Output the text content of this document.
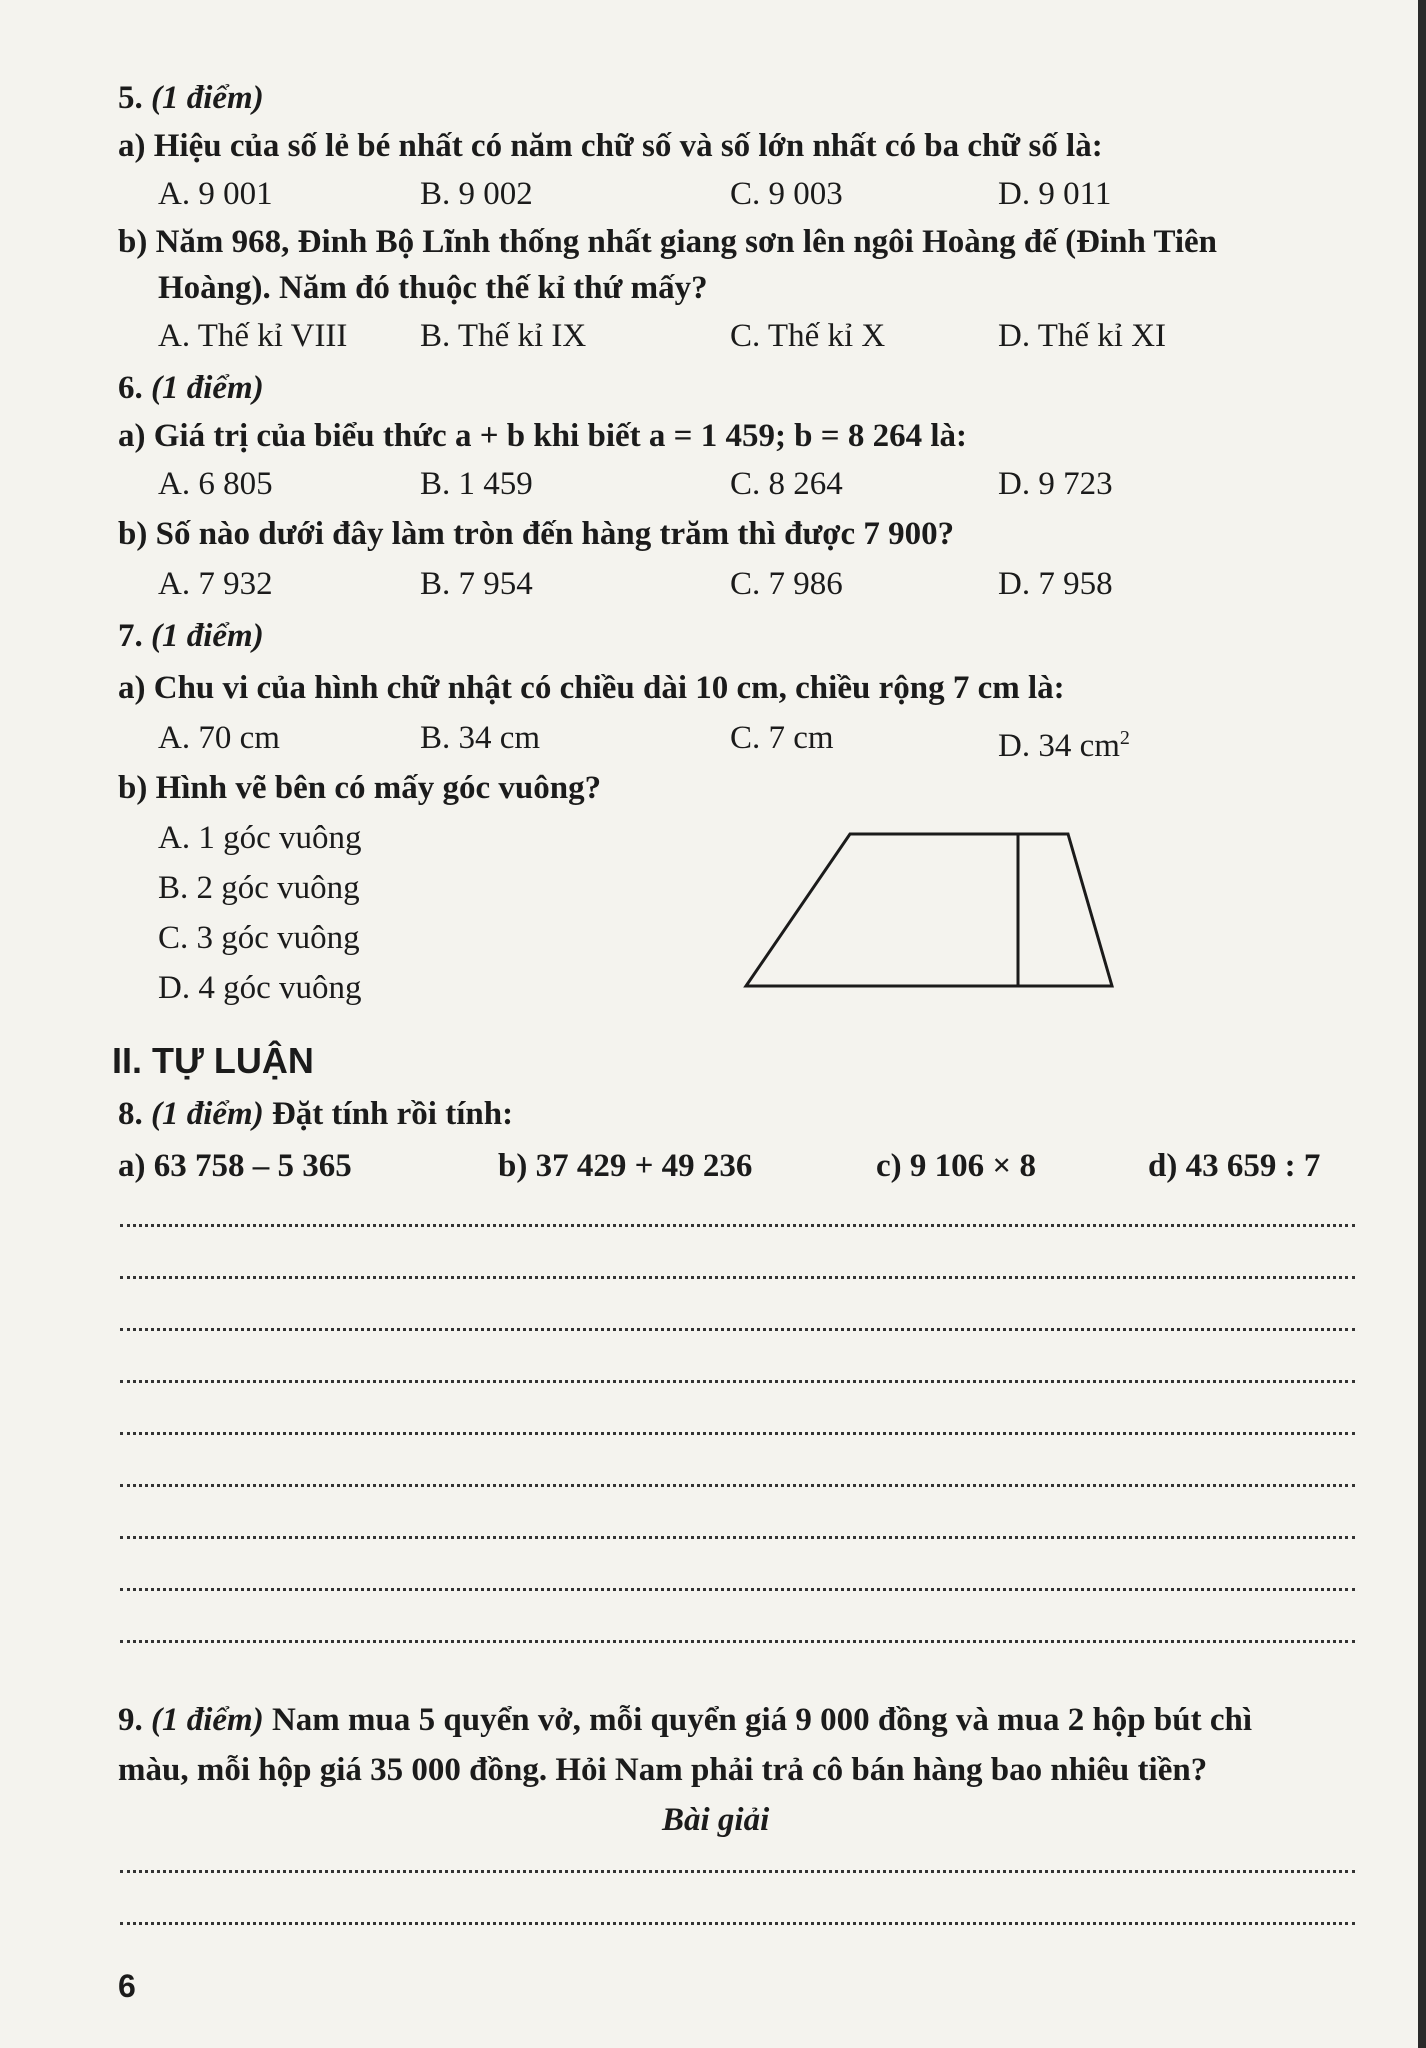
5. (1 điểm)
a) Hiệu của số lẻ bé nhất có năm chữ số và số lớn nhất có ba chữ số là:
A. 9 001	B. 9 002	C. 9 003	D. 9 011
b) Năm 968, Đinh Bộ Lĩnh thống nhất giang sơn lên ngôi Hoàng đế (Đinh Tiên
Hoàng). Năm đó thuộc thế kỉ thứ mấy?
A. Thế kỉ VIII B. Thế kỉ IX	C. Thế kỉ X	D. Thế kỉ XI
6. (1 điểm)
a) Giá trị của biểu thức a + b khi biết a = 1 459; b = 8 264 là:
A. 6 805	B. 1 459	C. 8 264	D. 9 723
b) Số nào dưới đây làm tròn đến hàng trăm thì được 7 900?
A. 7 932	B. 7 954	C. 7 986	D. 7 958
7. (1 điểm)
a) Chu vi của hình chữ nhật có chiều dài 10 cm, chiều rộng 7 cm là:
A. 70 cm	B. 34 cm	C. 7 cm	D. 34 $cm^2$
b) Hình vẽ bên có mấy góc vuông?
A. 1 góc vuông
B. 2 góc vuông
C. 3 góc vuông
D. 4 góc vuông
II. TỰ LUẬN
8. (1 điểm) Đặt tính rồi tính:
a) 63 758 – 5 365	b) 37 429 + 49 236	c) 9 106 × 8	d) 43 659 : 7
9. (1 điểm) Nam mua 5 quyển vở, mỗi quyển giá 9 000 đồng và mua 2 hộp bút chì
màu, mỗi hộp giá 35 000 đồng. Hỏi Nam phải trả cô bán hàng bao nhiêu tiền?
Bài giải
6
